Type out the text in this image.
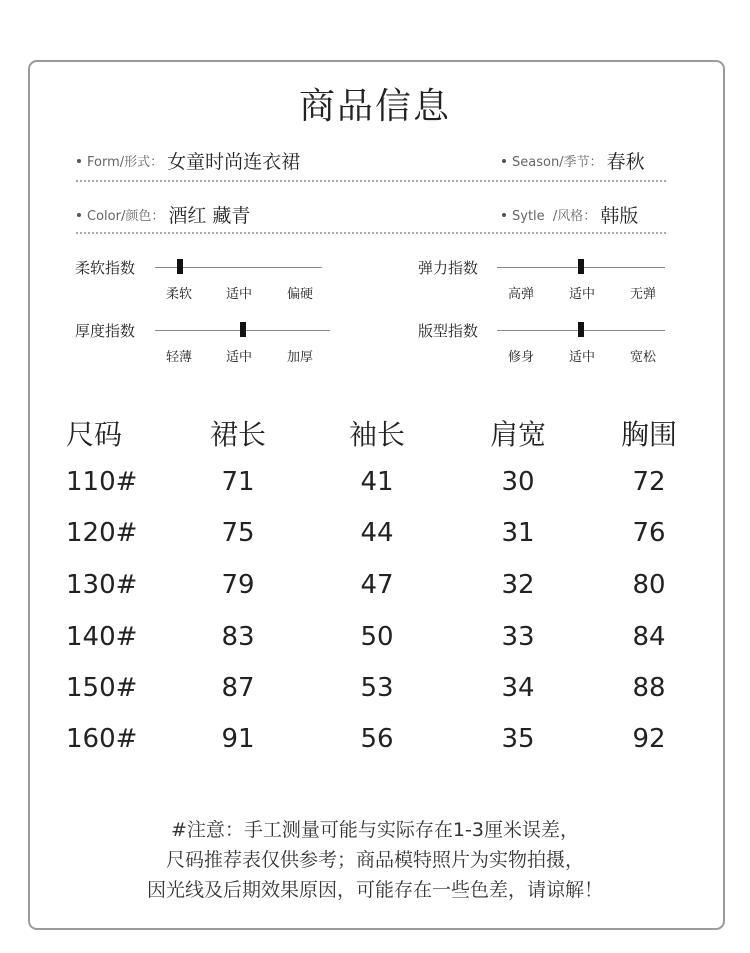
商品信息
Form/形式： 女童时尚连衣裙	Season/季节： 春秋
Color/颜色： 酒红 藏青	Sytle  /风格： 韩版
柔软指数
柔软	适中	偏硬
弹力指数
高弹	适中	无弹
厚度指数
轻薄	适中	加厚
版型指数
修身	适中	宽松
尺码	裙长	袖长	肩宽	胸围
110#	71	41	30	72
120#	75	44	31	76
130#	79	47	32	80
140#	83	50	33	84
150#	87	53	34	88
160#	91	56	35	92
#注意：手工测量可能与实际存在1-3厘米误差，
尺码推荐表仅供参考；商品模特照片为实物拍摄，
因光线及后期效果原因，可能存在一些色差，请谅解！
